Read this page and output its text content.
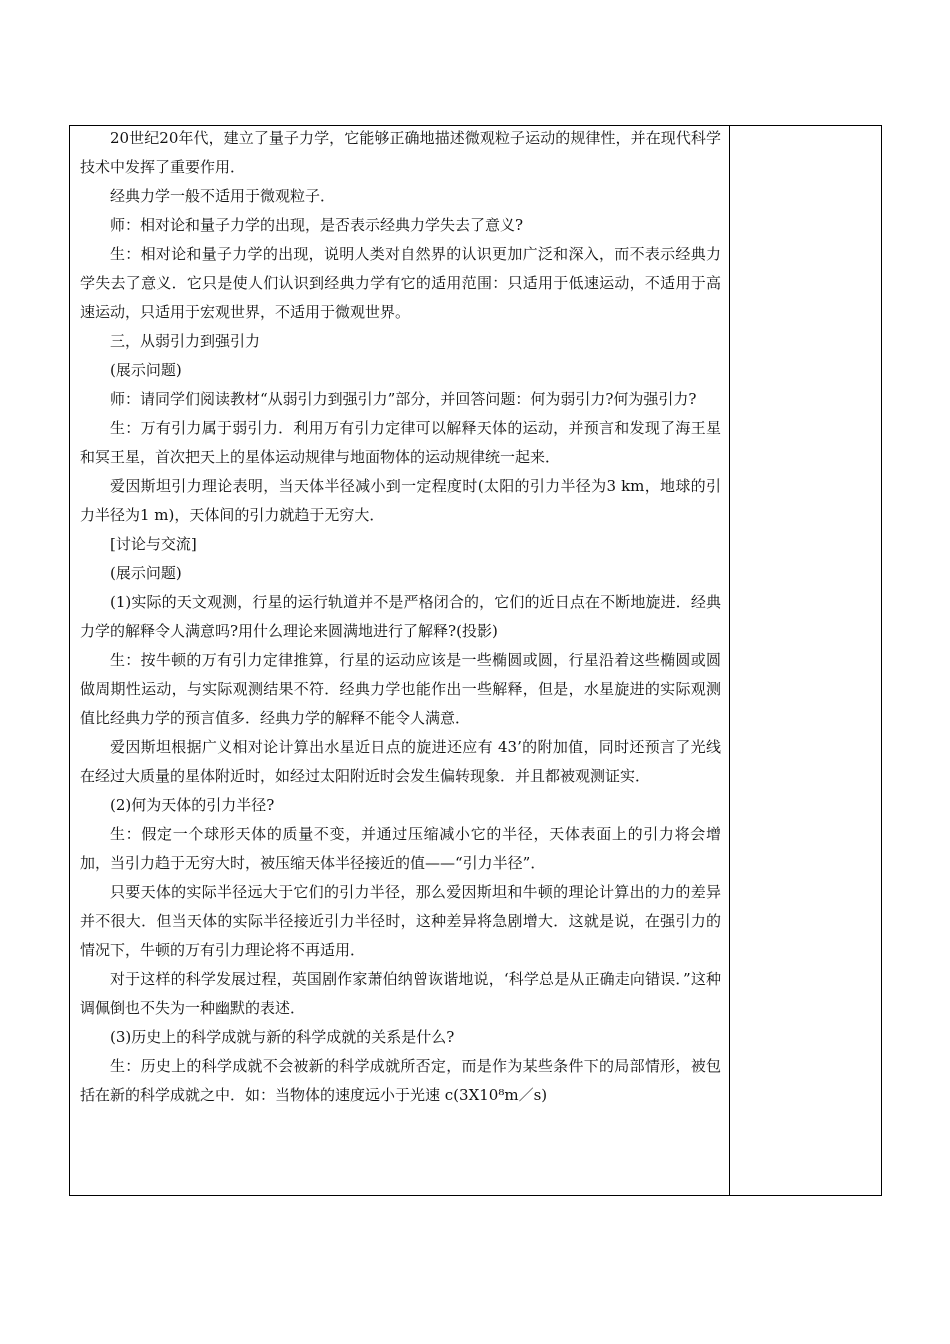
20世纪20年代，建立了量子力学，它能够正确地描述微观粒子运动的规律性，并在现代科学技术中发挥了重要作用．

经典力学一般不适用于微观粒子．

师：相对论和量子力学的出现，是否表示经典力学失去了意义?

生：相对论和量子力学的出现，说明人类对自然界的认识更加广泛和深入，而不表示经典力学失去了意义．它只是使人们认识到经典力学有它的适用范围：只适用于低速运动，不适用于高速运动，只适用于宏观世界，不适用于微观世界。

三，从弱引力到强引力

(展示问题)

师：请同学们阅读教材“从弱引力到强引力”部分，并回答问题：何为弱引力?何为强引力?

生：万有引力属于弱引力．利用万有引力定律可以解释天体的运动，并预言和发现了海王星和冥王星，首次把天上的星体运动规律与地面物体的运动规律统一起来．

爱因斯坦引力理论表明，当天体半径减小到一定程度时(太阳的引力半径为3 km，地球的引力半径为1 m)，天体间的引力就趋于无穷大．

[讨论与交流]

(展示问题)

(1)实际的天文观测，行星的运行轨道并不是严格闭合的，它们的近日点在不断地旋进．经典力学的解释令人满意吗?用什么理论来圆满地进行了解释?(投影)

生：按牛顿的万有引力定律推算，行星的运动应该是一些椭圆或圆，行星沿着这些椭圆或圆做周期性运动，与实际观测结果不符．经典力学也能作出一些解释，但是，水星旋进的实际观测值比经典力学的预言值多．经典力学的解释不能令人满意．

爱因斯坦根据广义相对论计算出水星近日点的旋进还应有 43’的附加值，同时还预言了光线在经过大质量的星体附近时，如经过太阳附近时会发生偏转现象．并且都被观测证实．

(2)何为天体的引力半径?

生：假定一个球形天体的质量不变，并通过压缩减小它的半径，天体表面上的引力将会增加，当引力趋于无穷大时，被压缩天体半径接近的值——“引力半径”．

只要天体的实际半径远大于它们的引力半径，那么爱因斯坦和牛顿的理论计算出的力的差异并不很大．但当天体的实际半径接近引力半径时，这种差异将急剧增大．这就是说，在强引力的情况下，牛顿的万有引力理论将不再适用．

对于这样的科学发展过程，英国剧作家萧伯纳曾诙谐地说，‘科学总是从正确走向错误．”这种调佩倒也不失为一种幽默的表述．

(3)历史上的科学成就与新的科学成就的关系是什么?

生：历史上的科学成就不会被新的科学成就所否定，而是作为某些条件下的局部情形，被包括在新的科学成就之中．如：当物体的速度远小于光速 c(3X10⁸m／s)
